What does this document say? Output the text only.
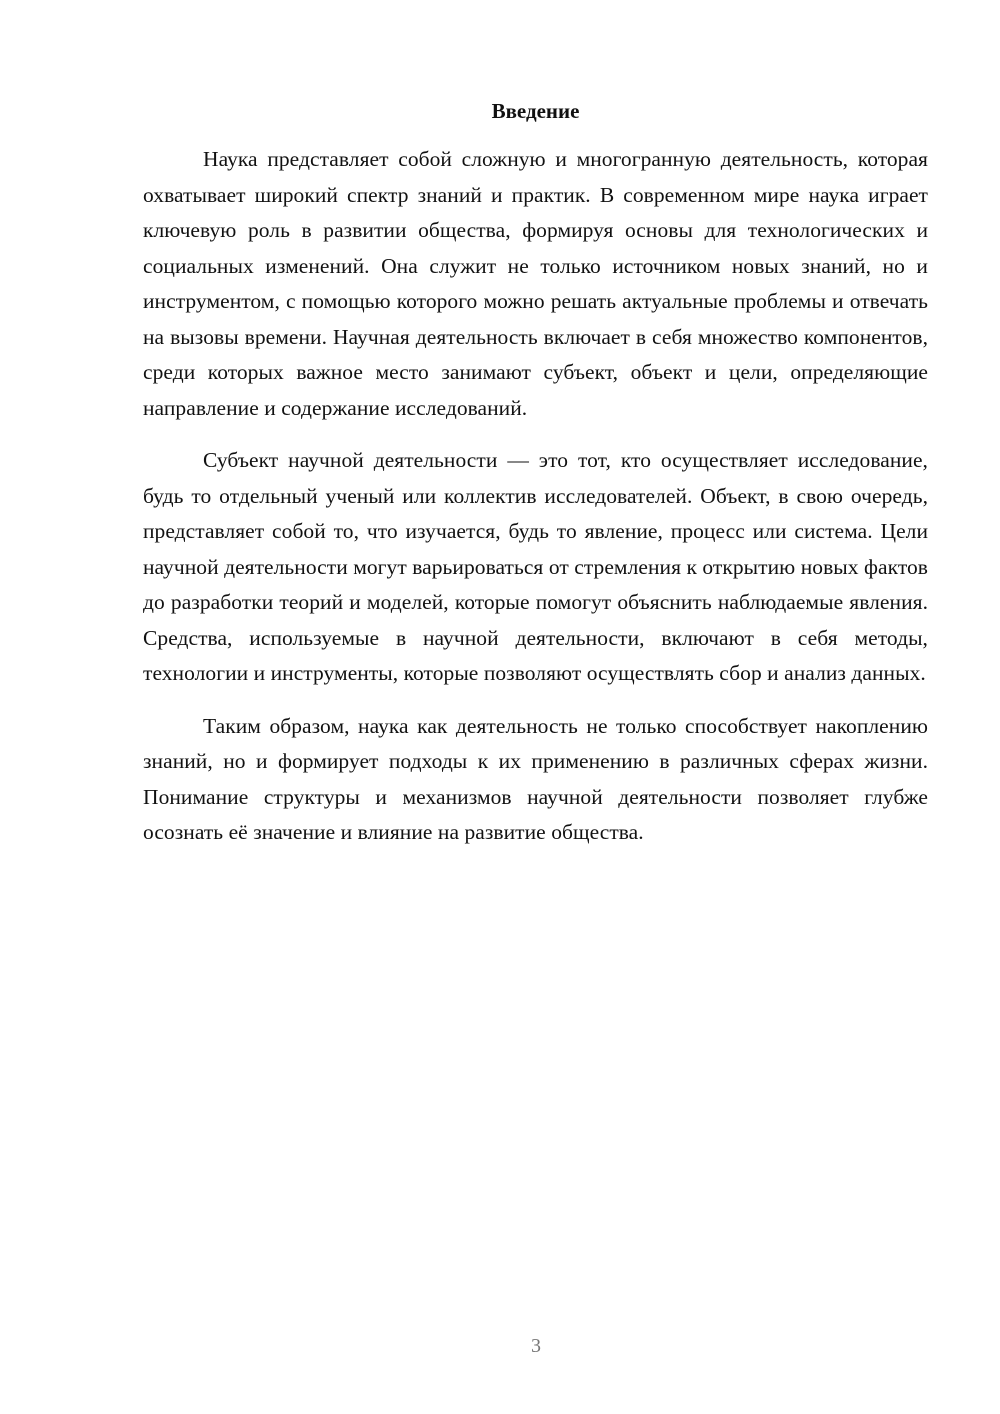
Введение

Наука представляет собой сложную и многогранную деятельность, которая охватывает широкий спектр знаний и практик. В современном мире наука играет ключевую роль в развитии общества, формируя основы для технологических и социальных изменений. Она служит не только источником новых знаний, но и инструментом, с помощью которого можно решать актуальные проблемы и отвечать на вызовы времени. Научная деятельность включает в себя множество компонентов, среди которых важное место занимают субъект, объект и цели, определяющие направление и содержание исследований.

Субъект научной деятельности — это тот, кто осуществляет исследование, будь то отдельный ученый или коллектив исследователей. Объект, в свою очередь, представляет собой то, что изучается, будь то явление, процесс или система. Цели научной деятельности могут варьироваться от стремления к открытию новых фактов до разработки теорий и моделей, которые помогут объяснить наблюдаемые явления. Средства, используемые в научной деятельности, включают в себя методы, технологии и инструменты, которые позволяют осуществлять сбор и анализ данных.

Таким образом, наука как деятельность не только способствует накоплению знаний, но и формирует подходы к их применению в различных сферах жизни. Понимание структуры и механизмов научной деятельности позволяет глубже осознать её значение и влияние на развитие общества.

3
